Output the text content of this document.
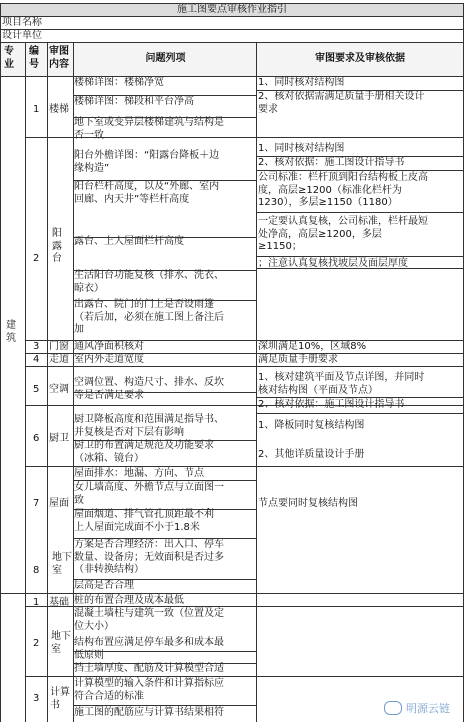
施工图要点审核作业指引
项目名称
设计单位
专
业
编
号
审图
内容	问题列项	审图要求及审核依据
建
筑
1 楼梯
2
阳
露
台
3 门窗
4 走道
5 空调
6 厨卫
7 屋面
8
地下
室
1 基础
2
地下
室
3
计算
书
楼梯详图：楼梯净宽
楼梯详图：梯段和平台净高
地下室或变异层楼梯建筑与结构是
否一致
阳台外檐详图：“阳露台降板＋边
缘构造”
阳台栏杆高度，以及“外廊、室内
回廊、内天井”等栏杆高度
露台、上人屋面栏杆高度
生活阳台功能复核（排水、洗衣、
晾衣）
出露台、院门的门上是否设雨篷
（若后加，必须在施工图上备注后
加
通风净面积核对
室内外走道宽度
空调位置、构造尺寸、排水、反坎
等是否满足要求
厨卫降板高度和范围满足指导书、
并复核是否对下层有影响
厨卫的布置满足规范及功能要求
（冰箱、镜台）
屋面排水：地漏、方向、节点
女儿墙高度、外檐节点与立面图一
致
屋面烟道、排气管孔顶距最不利
上人屋面完成面不小于1.8米
方案是否合理经济：出入口、停车
数量、设备房；无效面积是否过多
（非转换结构）
层高是否合理
桩的布置合理及成本最低
混凝土墙柱与建筑一致（位置及定
位大小）
结构布置应满足停车最多和成本最
低原则
挡土墙厚度、配筋及计算模型合适
计算模型的输入条件和计算指标应
符合合适的标准
施工图的配筋应与计算书结果相符
1、同时核对结构图
2、核对依据需满足质量手册相关设计
要求
1、同时核对结构图
2、核对依据：施工图设计指导书
公司标准：栏杆顶到阳台结构板上皮高
度，高层≥1200（标准化栏杆为
1230），多层≥1150（1180）
一定要认真复核，公司标准，栏杆最短
处净高，高层≥1200，多层
≥1150；
；注意认真复核找坡层及面层厚度
深圳满足10%，区域8%
满足质量手册要求
1、核对建筑平面及节点详图，并同时
核对结构图（平面及节点）
2、核对依据：施工图设计指导书
1、降板同时复核结构图
2、其他详质量设计手册
节点要同时复核结构图
明源云链
